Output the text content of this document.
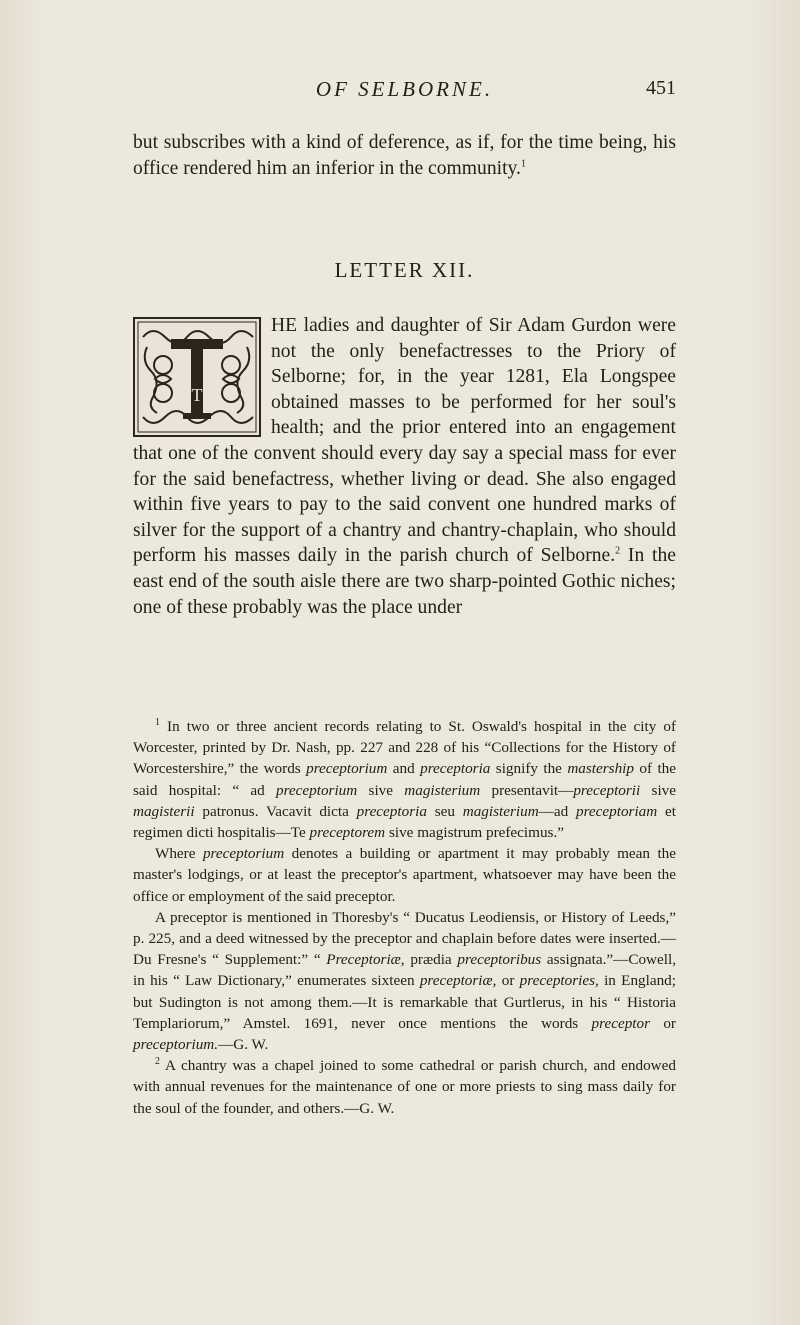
OF SELBORNE.	451

but subscribes with a kind of deference, as if, for the time being, his office rendered him an inferior in the community.$^1$

LETTER XII.
T
HE ladies and daughter of Sir Adam Gurdon were not the only benefactresses to the Priory of Selborne; for, in the year 1281, Ela Longspee obtained masses to be performed for her soul's health; and the prior entered into an engagement that one of the convent should every day say a special mass for ever for the said benefactress, whether living or dead. She also engaged within five years to pay to the said convent one hundred marks of silver for the support of a chantry and chantry-chaplain, who should perform his masses daily in the parish church of Selborne.$^2$ In the east end of the south aisle there are two sharp-pointed Gothic niches; one of these probably was the place under

$^1$ In two or three ancient records relating to St. Oswald's hospital in the city of Worcester, printed by Dr. Nash, pp. 227 and 228 of his “Collections for the History of Worcestershire,” the words preceptorium and preceptoria signify the mastership of the said hospital: “ ad preceptorium sive magisterium presentavit—preceptorii sive magisterii patronus. Vacavit dicta preceptoria seu magisterium—ad preceptoriam et regimen dicti hospitalis—Te preceptorem sive magistrum prefecimus.”

Where preceptorium denotes a building or apartment it may probably mean the master's lodgings, or at least the preceptor's apartment, whatsoever may have been the office or employment of the said preceptor.

A preceptor is mentioned in Thoresby's “ Ducatus Leodiensis, or History of Leeds,” p. 225, and a deed witnessed by the preceptor and chaplain before dates were inserted.—Du Fresne's “ Supplement:” “ Preceptoriæ, prædia preceptoribus assignata.”—Cowell, in his “ Law Dictionary,” enumerates sixteen preceptoriæ, or preceptories, in England; but Sudington is not among them.—It is remarkable that Gurtlerus, in his “ Historia Templariorum,” Amstel. 1691, never once mentions the words preceptor or preceptorium.—G. W.

$^2$ A chantry was a chapel joined to some cathedral or parish church, and endowed with annual revenues for the maintenance of one or more priests to sing mass daily for the soul of the founder, and others.—G. W.
